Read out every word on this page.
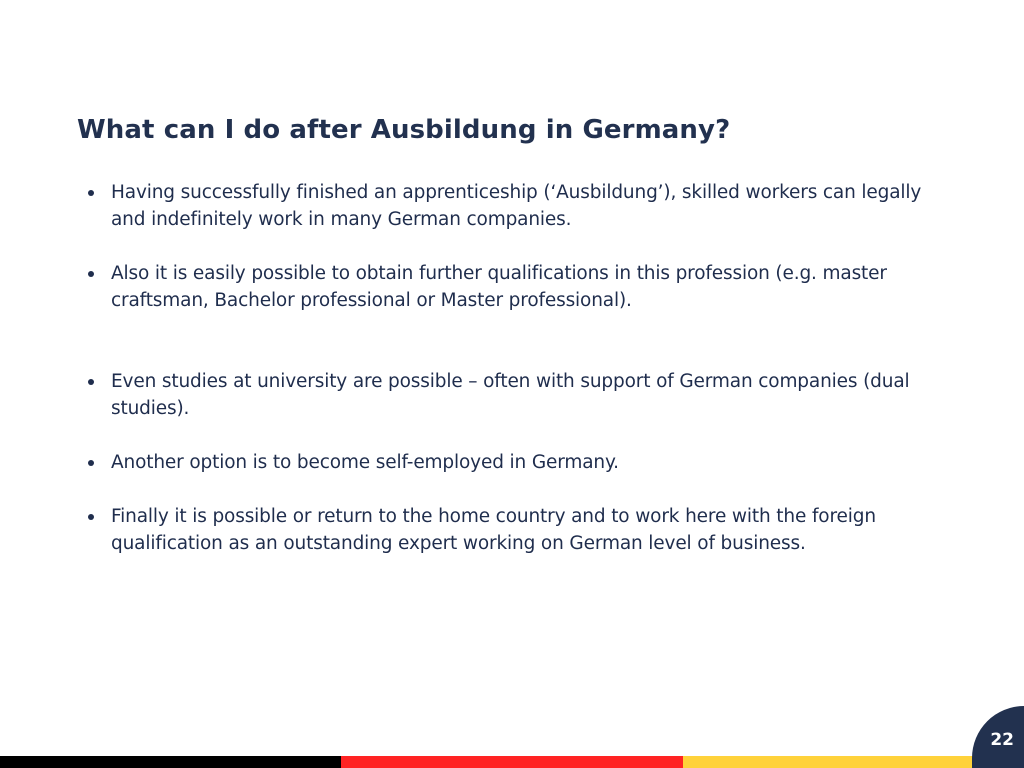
What can I do after Ausbildung in Germany?
Having successfully finished an apprenticeship (‘Ausbildung’), skilled workers can legally and indefinitely work in many German companies.
Also it is easily possible to obtain further qualifications in this profession (e.g. master craftsman, Bachelor professional or Master professional).
Even studies at university are possible – often with support of German companies (dual studies).
Another option is to become self-employed in Germany.
Finally it is possible or return to the home country and to work here with the foreign qualification as an outstanding expert working on German level of business.
22
